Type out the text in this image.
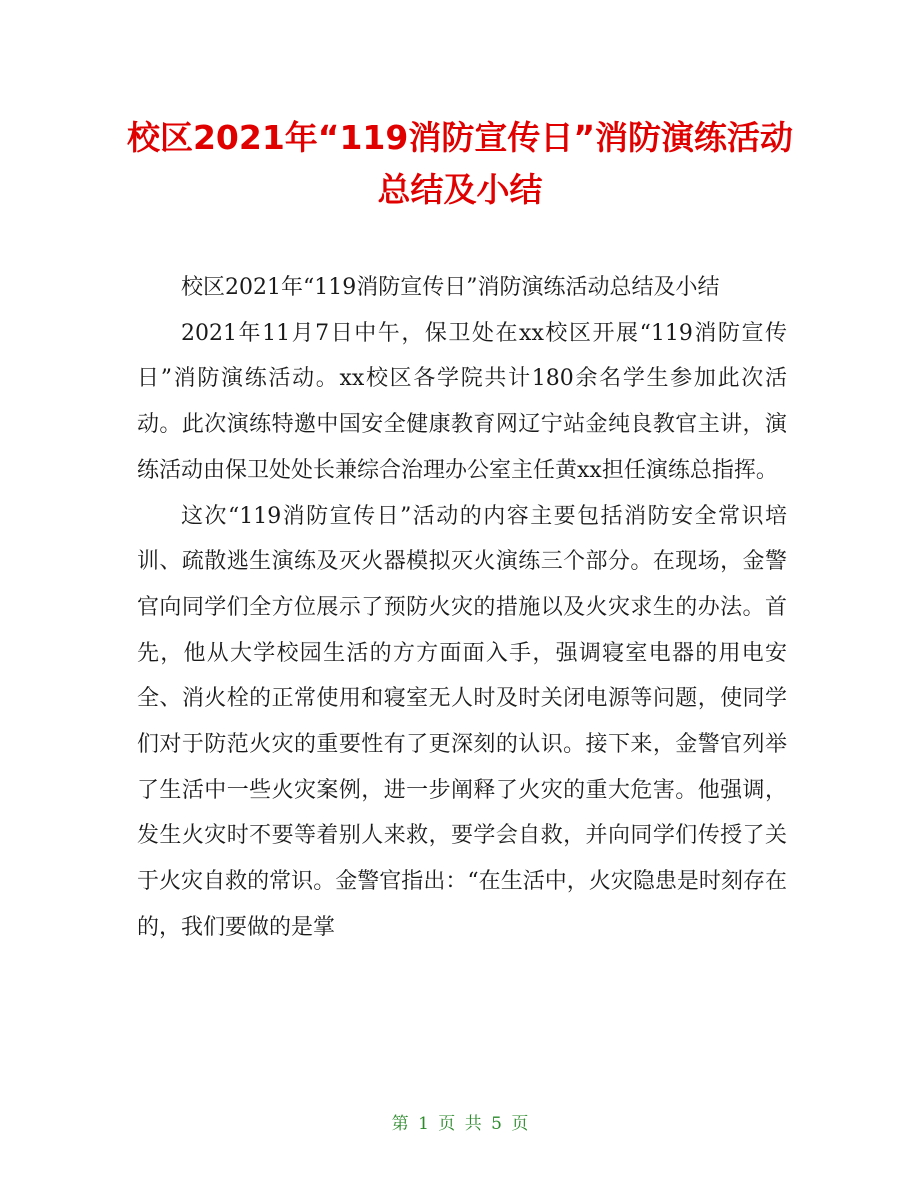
校区2021年“119消防宣传日”消防演练活动
总结及小结

校区2021年“119消防宣传日”消防演练活动总结及小结

2021年11月7日中午，保卫处在xx校区开展“119消防宣传日”消防演练活动。xx校区各学院共计180余名学生参加此次活动。此次演练特邀中国安全健康教育网辽宁站金纯良教官主讲，演练活动由保卫处处长兼综合治理办公室主任黄xx担任演练总指挥。

这次“119消防宣传日”活动的内容主要包括消防安全常识培训、疏散逃生演练及灭火器模拟灭火演练三个部分。在现场，金警官向同学们全方位展示了预防火灾的措施以及火灾求生的办法。首先，他从大学校园生活的方方面面入手，强调寝室电器的用电安全、消火栓的正常使用和寝室无人时及时关闭电源等问题，使同学们对于防范火灾的重要性有了更深刻的认识。接下来，金警官列举了生活中一些火灾案例，进一步阐释了火灾的重大危害。他强调，发生火灾时不要等着别人来救，要学会自救，并向同学们传授了关于火灾自救的常识。金警官指出：“在生活中，火灾隐患是时刻存在的，我们要做的是掌

第 1 页 共 5 页
